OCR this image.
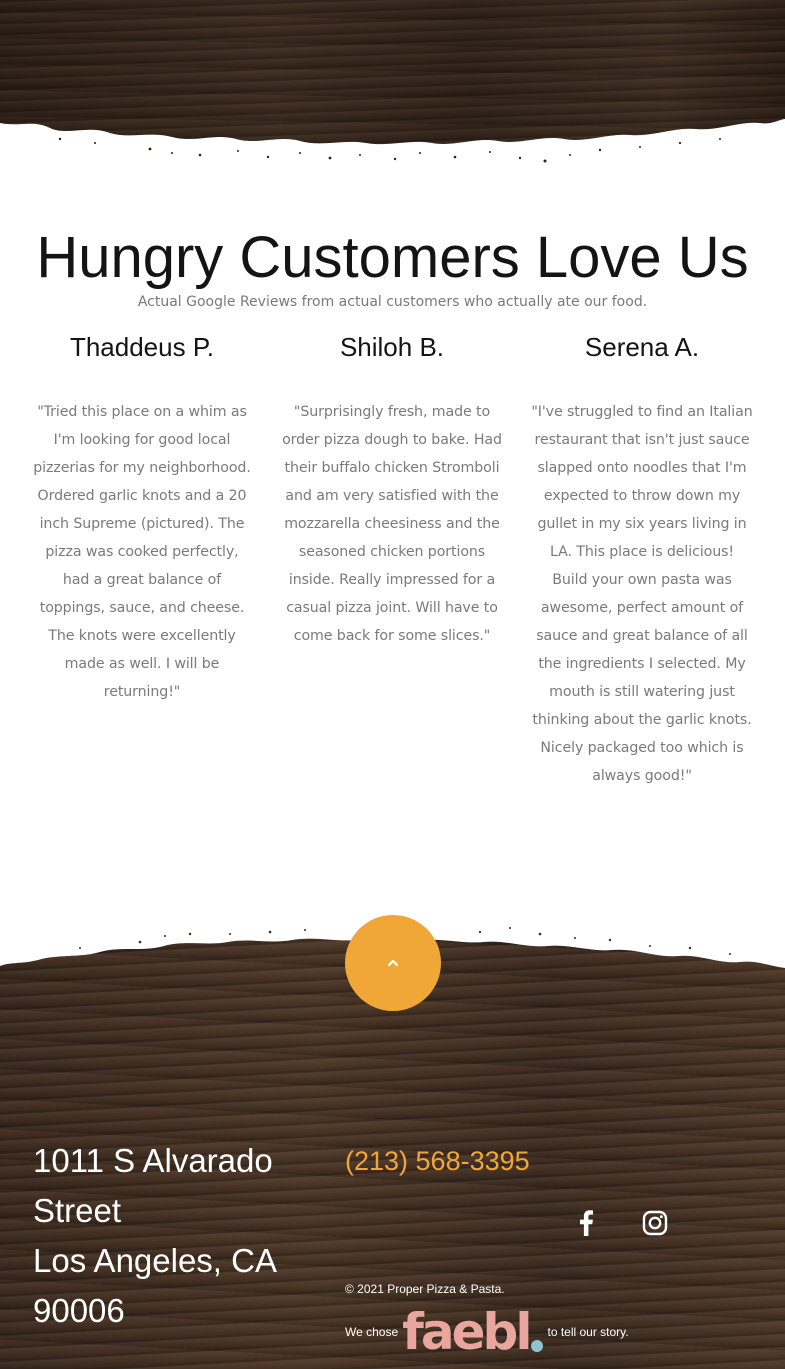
Hungry Customers Love Us
Actual Google Reviews from actual customers who actually ate our food.
Thaddeus P.
"Tried this place on a whim as I'm looking for good local pizzerias for my neighborhood. Ordered garlic knots and a 20 inch Supreme (pictured). The pizza was cooked perfectly, had a great balance of toppings, sauce, and cheese. The knots were excellently made as well. I will be returning!"
Shiloh B.
"Surprisingly fresh, made to order pizza dough to bake. Had their buffalo chicken Stromboli and am very satisfied with the mozzarella cheesiness and the seasoned chicken portions inside. Really impressed for a casual pizza joint. Will have to come back for some slices."
Serena A.
"I've struggled to find an Italian restaurant that isn't just sauce slapped onto noodles that I'm expected to throw down my gullet in my six years living in LA. This place is delicious! Build your own pasta was awesome, perfect amount of sauce and great balance of all the ingredients I selected. My mouth is still watering just thinking about the garlic knots. Nicely packaged too which is always good!"
1011 S Alvarado Street
Los Angeles, CA 90006
(213) 568-3395
© 2021 Proper Pizza & Pasta.
We chose faebl to tell our story.
